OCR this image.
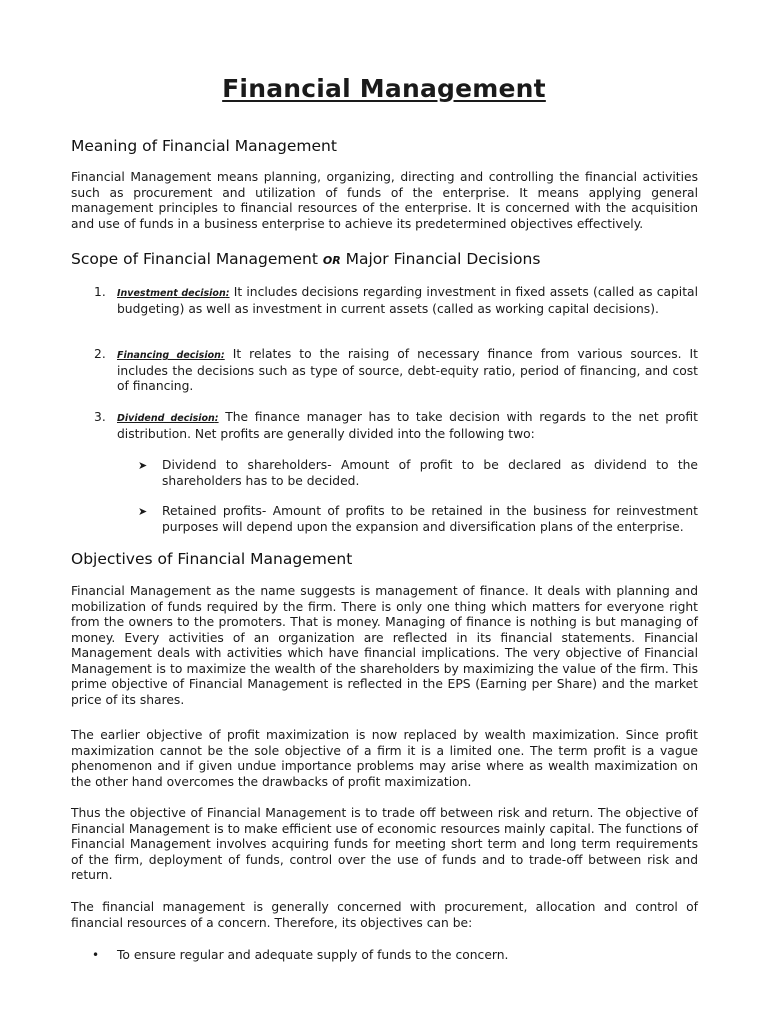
Financial Management
Meaning of Financial Management

Financial Management means planning, organizing, directing and controlling the financial activities such as procurement and utilization of funds of the enterprise. It means applying general management principles to financial resources of the enterprise. It is concerned with the acquisition and use of funds in a business enterprise to achieve its predetermined objectives effectively.

Scope of Financial Management OR Major Financial Decisions
1. Investment decision: It includes decisions regarding investment in fixed assets (called as capital budgeting) as well as investment in current assets (called as working capital decisions).

2. Financing decision: It relates to the raising of necessary finance from various sources. It includes the decisions such as type of source, debt-equity ratio, period of financing, and cost of financing.

3. Dividend decision: The finance manager has to take decision with regards to the net profit distribution. Net profits are generally divided into the following two:

➤ Dividend to shareholders- Amount of profit to be declared as dividend to the shareholders has to be decided.

➤ Retained profits- Amount of profits to be retained in the business for reinvestment purposes will depend upon the expansion and diversification plans of the enterprise.

Objectives of Financial Management

Financial Management as the name suggests is management of finance. It deals with planning and mobilization of funds required by the firm. There is only one thing which matters for everyone right from the owners to the promoters. That is money. Managing of finance is nothing is but managing of money. Every activities of an organization are reflected in its financial statements. Financial Management deals with activities which have financial implications. The very objective of Financial Management is to maximize the wealth of the shareholders by maximizing the value of the firm. This prime objective of Financial Management is reflected in the EPS (Earning per Share) and the market price of its shares.

The earlier objective of profit maximization is now replaced by wealth maximization. Since profit maximization cannot be the sole objective of a firm it is a limited one. The term profit is a vague phenomenon and if given undue importance problems may arise where as wealth maximization on the other hand overcomes the drawbacks of profit maximization.

Thus the objective of Financial Management is to trade off between risk and return. The objective of Financial Management is to make efficient use of economic resources mainly capital. The functions of Financial Management involves acquiring funds for meeting short term and long term requirements of the firm, deployment of funds, control over the use of funds and to trade-off between risk and return.

The financial management is generally concerned with procurement, allocation and control of financial resources of a concern. Therefore, its objectives can be:

• To ensure regular and adequate supply of funds to the concern.
